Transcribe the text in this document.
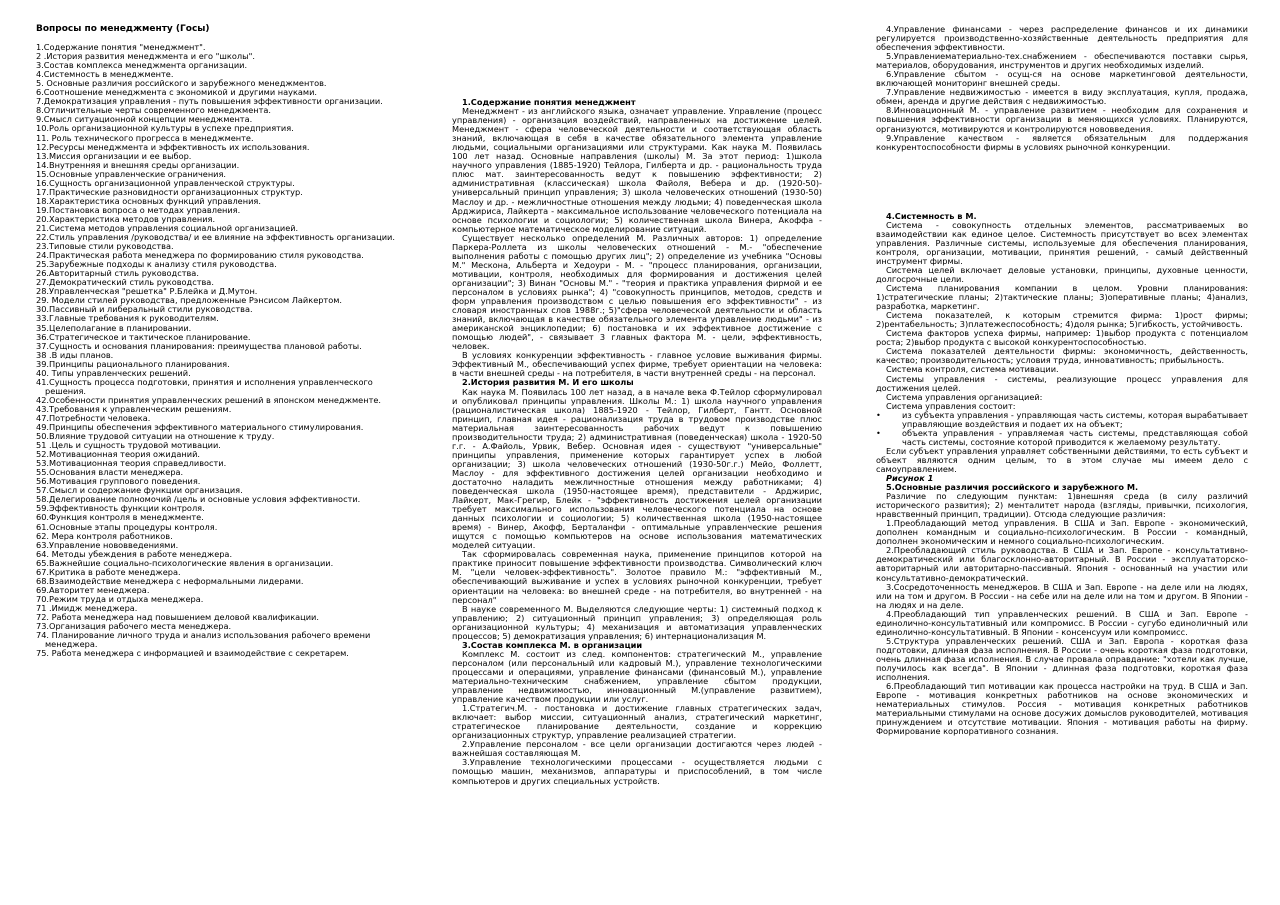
Вопросы по менеджменту (Госы)
1.Содержание понятия "менеджмент".
2 .История развития менеджмента и его "школы".
3.Состав комплекса менеджмента организации.
4.Системность в менеджменте.
5. Основные различия российского и зарубежного менеджментов.
6.Соотношение менеджмента с экономикой и другими науками.
7.Демократизация управления - путь повышения эффективности организации.
8.Отличительные черты современного менеджмента.
9.Смысл ситуационной концепции менеджмента.
10.Роль организационной культуры в успехе предприятия.
11. Роль технического прогресса в менеджменте.
12.Ресурсы менеджмента и эффективность их использования.
13.Миссия организации и ее выбор.
14.Внутренняя и внешняя среды организации.
15.Основные управленческие ограничения.
16.Сущность организационной управленческой структуры.
17.Практические разновидности организационных структур.
18.Характеристика основных функций управления.
19.Постановка вопроса о методах управления.
20.Характеристика методов управления.
21.Система методов управления социальной организацией.
22.Стиль управления /руководства/ и ее влияние на эффективность организации.
23.Типовые стили руководства.
24.Практическая работа менеджера по формированию стиля руководства.
25.Зарубежные подходы к анализу стиля руководства.
26.Авторитарный стиль руководства.
27.Демократический стиль руководства.
28.Управленческая "решетка" Р.Блейка и Д.Мутон.
29. Модели стилей руководства, предложенные Рэнсисом Лайкертом.
30.Пассивный и либеральный стили руководства.
33.Главные требования к руководителям.
35.Целеполагание в планировании.
36.Стратегическое и тактическое планирование.
37.Сущность и основания планирования: преимущества плановой работы.
38 .В иды планов.
39.Принципы рационального планирования.
40. Типы управленческих решений.
41.Сущность процесса подготовки, принятия и исполнения управленческого решения.
42.Особенности принятия управленческих решений в японском менеджменте.
43.Требования к управленческим решениям.
47.Потребности человека.
49.Принципы обеспечения эффективного материального стимулирования.
50.Влияние трудовой ситуации на отношение к труду.
51 .Цель и сущность трудовой мотивации.
52.Мотивационная теория ожиданий.
53.Мотивационная теория справедливости.
55.Основания власти менеджера.
56.Мотивация группового поведения.
57.Смысл и содержание функции организация.
58.Делегирование полномочий /цель и основные условия эффективности.
59.Эффективность функции контроля.
60.Функция контроля в менеджменте.
61.Основные этапы процедуры контроля.
62. Мера контроля работников.
63.Управление нововведениями.
64. Методы убеждения в работе менеджера.
65.Важнейшие социально-психологические явления в организации.
67.Критика в работе менеджера.
68.Взаимодействие менеджера с неформальными лидерами.
69.Авторитет менеджера.
70.Режим труда и отдыха менеджера.
71 .Имидж менеджера.
72. Работа менеджера над повышением деловой квалификации.
73.Организация рабочего места менеджера.
74. Планирование личного труда и анализ использования рабочего времени менеджера.
75. Работа менеджера с информацией и взаимодействие с секретарем.
1.Содержание понятия менеджмент
Менеджмент - из английского языка, означает управление. Управление (процесс управления) - организация воздействий, направленных на достижение целей. Менеджмент - сфера человеческой деятельности и соответствующая область знаний, включающая в себя в качестве обязательного элемента управление людьми, социальными организациями или структурами. Как наука М. Появилась 100 лет назад. Основные направления (школы) М. За этот период: 1)школа научного управления (1885-1920) Тейлора, Гилберта и др. - рациональность труда плюс мат. заинтересованность ведут к повышению эффективности; 2) административная (классическая) школа Файоля, Вебера и др. (1920-50)- универсальный принцип управления; 3) школа человеческих отношений (1930-50) Маслоу и др. - межличностные отношения между людьми; 4) поведенческая школа Арджириса, Лайкерта - максимальное использование человеческого потенциала на основе психологии и социологии; 5) количественная школа Винера, Акоффа - компьютерное математическое моделирование ситуаций.
Существует несколько определений М. Различных авторов: 1) определение Паркера-Роллета из школы человеческих отношений - М.- "обеспечение выполнения работы с помощью других лиц"; 2) определение из учебника "Основы М." Мескона, Альберта и Хедоури - М. - "процесс планирования, организации, мотивации, контроля, необходимых для формирования и достижения целей организации"; 3) Винан "Основы М." - "теория и практика управления фирмой и ее персоналом в условиях рынка"; 4) "совокупность принципов, методов, средств и форм управления производством с целью повышения его эффективности" - из словаря иностранных слов 1988г.; 5)"сфера человеческой деятельности и область знаний, включающая в качестве обязательного элемента управление людьми" - из американской энциклопедии; 6) постановка и их эффективное достижение с помощью людей", - связывает 3 главных фактора М. - цели, эффективность, человек.
В условиях конкуренции эффективность - главное условие выживания фирмы. Эффективный М., обеспечивающий успех фирме, требует ориентации на человека: в части внешней среды - на потребителя, в части внутренней среды - на персонал.
2.История развития М. И его школы
Как наука М. Появилась 100 лет назад, а в начале века Ф.Тейлор сформулировал и опубликовал принципы управления. Школы М.: 1) школа научного управления (рационалистическая школа) 1885-1920 - Тейлор, Гилберт, Гантт. Основной принцип, главная идея - рационализация труда в трудовом производстве плюс материальная заинтересованность рабочих ведут к повышению производительности труда; 2) административная (поведенческая) школа - 1920-50 г.г. - А.Файоль, Урвик, Вебер. Основная идея - существуют "универсальные" принципы управления, применение которых гарантирует успех в любой организации; 3) школа человеческих отношений (1930-50г.г.) Мейо, Фоллетт, Маслоу - для эффективного достижения целей организации необходимо и достаточно наладить межличностные отношения между работниками; 4) поведенческая школа (1950-настоящее время), представители - Арджирис, Лайкерт, Мак-Грегир, Блейк - "эффективность достижения целей организации требует максимального использования человеческого потенциала на основе данных психологии и социологии; 5) количественная школа (1950-настоящее время) - Винер, Акофф, Берталанфи - оптимальные управленческие решения ищутся с помощью компьютеров на основе использования математических моделей ситуации.
Так сформировалась современная наука, применение принципов которой на практике приносит повышение эффективности производства. Символический ключ М. "цели человек-эффективность". Золотое правило М.: "эффективный М., обеспечивающий выживание и успех в условиях рыночной конкуренции, требует ориентации на человека: во внешней среде - на потребителя, во внутренней - на персонал"
В науке современного М. Выделяются следующие черты: 1) системный подход к управлению; 2) ситуационный принцип управления; 3) определяющая роль организационной культуры; 4) механизация и автоматизация управленческих процессов; 5) демократизация управления; 6) интернационализация М.
3.Состав комплекса М. в организации
Комплекс М. состоит из след. компонентов: стратегический М., управление персоналом (или персональный или кадровый М.), управление технологическими процессами и операциями, управление финансами (финансовый М.), управление материально-техническим снабжением, управление сбытом продукции, управление недвижимостью, инновационный М.(управление развитием), управление качеством продукции или услуг.
1.Стратегич.М. - постановка и достижение главных стратегических задач, включает: выбор миссии, ситуационный анализ, стратегический маркетинг, стратегическое планирование деятельности, создание и коррекцию организационных структур, управление реализацией стратегии.
2.Управление персоналом - все цели организации достигаются через людей - важнейшая составляющая М.
3.Управление технологическими процессами - осуществляется людьми с помощью машин, механизмов, аппаратуры и приспособлений, в том числе компьютеров и других специальных устройств.
4.Управление финансами - через распределение финансов и их динамики регулируется производственно-хозяйственные деятельность предприятия для обеспечения эффективности.
5.Управлениематериально-тех.снабжением - обеспечиваются поставки сырья, материалов, оборудования, инструментов и других необходимых изделий.
6.Управление сбытом - осущ-ся на основе маркетинговой деятельности, включающей мониторинг внешней среды.
7.Управление недвижимостью - имеется в виду эксплуатация, купля, продажа, обмен, аренда и другие действия с недвижимостью.
8.Инновационный М. - управление развитием - необходим для сохранения и повышения эффективности организации в меняющихся условиях. Планируются, организуются, мотивируются и контролируются нововведения.
9.Управление качеством - является обязательным для поддержания конкурентоспособности фирмы в условиях рыночной конкуренции.
4.Системность в М.
Система - совокупность отдельных элементов, рассматриваемых во взаимодействии как единое целое. Системность присутствует во всех элементах управления. Различные системы, используемые для обеспечения планирования, контроля, организации, мотивации, принятия решений, - самый действенный инструмент фирмы.
Система целей включает деловые установки, принципы, духовные ценности, долгосрочные цели.
Система планирования компании в целом. Уровни планирования: 1)стратегические планы; 2)тактические планы; 3)оперативные планы; 4)анализ, разработка, маркетинг.
Система показателей, к которым стремится фирма: 1)рост фирмы; 2)рентабельность; 3)платежеспособность; 4)доля рынка; 5)гибкость, устойчивость.
Система факторов успеха фирмы, например: 1)выбор продукта с потенциалом роста; 2)выбор продукта с высокой конкурентоспособностью.
Система показателей деятельности фирмы: экономичность, действенность, качество; производительность; условия труда, инновативность; прибыльность.
Система контроля, система мотивации.
Системы управления - системы, реализующие процесс управления для достижения целей.
Система управления организацией:
Система управления состоит:
• из субъекта управления - управляющая часть системы, которая вырабатывает управляющие воздействия и подает их на объект;
• объекта управления - управляемая часть системы, представляющая собой часть системы, состояние которой приводится к желаемому результату.
Если субъект управления управляет собственными действиями, то есть субъект и объект являются одним целым, то в этом случае мы имеем дело с самоуправлением.
Рисунок 1
5.Основные различия российского и зарубежного М.
Различие по следующим пунктам: 1)внешняя среда (в силу различий исторического развития); 2) менталитет народа (взгляды, привычки, психология, нравственный принцип, традиции). Отсюда следующие различия:
1.Преобладающий метод управления. В США и Зап. Европе - экономический, дополнен командным и социально-психологическим. В России - командный, дополнен экономическим и немного социально-психологическим.
2.Преобладающий стиль руководства. В США и Зап. Европе - консультативно- демократический или благосклонно-авторитарный. В России - эксплуататорско-авторитарный или авторитарно-пассивный. Япония - основанный на участии или консультативно-демократический.
3.Сосредоточенность менеджеров. В США и Зап. Европе - на деле или на людях, или на том и другом. В России - на себе или на деле или на том и другом. В Японии - на людях и на деле.
4.Преобладающий тип управленческих решений. В США и Зап. Европе - единолично-консультативный или компромисс. В России - сугубо единоличный или единолично-консультативный. В Японии - консенсуум или компромисс.
5.Структура управленческих решений. США и Зап. Европа - короткая фаза подготовки, длинная фаза исполнения. В России - очень короткая фаза подготовки, очень длинная фаза исполнения. В случае провала оправдание: "хотели как лучше, получилось как всегда". В Японии - длинная фаза подготовки, короткая фаза исполнения.
6.Преобладающий тип мотивации как процесса настройки на труд. В США и Зап. Европе - мотивация конкретных работников на основе экономических и нематериальных стимулов. Россия - мотивация конкретных работников материальными стимулами на основе досужих домыслов руководителей, мотивация принуждением и отсутствие мотивации. Япония - мотивация работы на фирму. Формирование корпоративного сознания.
